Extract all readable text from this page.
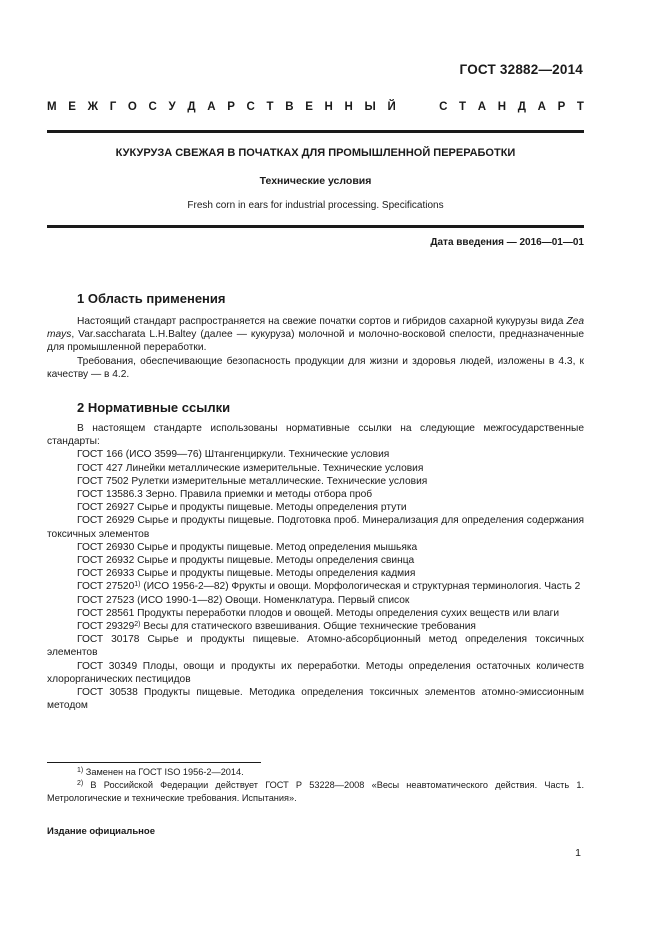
ГОСТ 32882—2014
М Е Ж Г О С У Д А Р С Т В Е Н Н Ы Й	С Т А Н Д А Р Т
КУКУРУЗА СВЕЖАЯ В ПОЧАТКАХ ДЛЯ ПРОМЫШЛЕННОЙ ПЕРЕРАБОТКИ
Технические условия
Fresh corn in ears for industrial processing. Specifications
Дата введения — 2016—01—01
1 Область применения

Настоящий стандарт распространяется на свежие початки сортов и гибридов сахарной кукурузы вида Zea mays, Var.saccharata L.H.Baltey (далее — кукуруза) молочной и молочно-восковой спелости, предназначенные для промышленной переработки.

Требования, обеспечивающие безопасность продукции для жизни и здоровья людей, изложены в 4.3, к качеству — в 4.2.

2 Нормативные ссылки

В настоящем стандарте использованы нормативные ссылки на следующие межгосударственные стандарты:

ГОСТ 166 (ИСО 3599—76) Штангенциркули. Технические условия

ГОСТ 427 Линейки металлические измерительные. Технические условия

ГОСТ 7502 Рулетки измерительные металлические. Технические условия

ГОСТ 13586.3 Зерно. Правила приемки и методы отбора проб

ГОСТ 26927 Сырье и продукты пищевые. Методы определения ртути

ГОСТ 26929 Сырье и продукты пищевые. Подготовка проб. Минерализация для определения содержания токсичных элементов

ГОСТ 26930 Сырье и продукты пищевые. Метод определения мышьяка

ГОСТ 26932 Сырье и продукты пищевые. Методы определения свинца

ГОСТ 26933 Сырье и продукты пищевые. Методы определения кадмия

ГОСТ 27520$^{1)}$ (ИСО 1956-2—82) Фрукты и овощи. Морфологическая и структурная терминология. Часть 2

ГОСТ 27523 (ИСО 1990-1—82) Овощи. Номенклатура. Первый список

ГОСТ 28561 Продукты переработки плодов и овощей. Методы определения сухих веществ или влаги

ГОСТ 29329$^{2)}$ Весы для статического взвешивания. Общие технические требования

ГОСТ 30178 Сырье и продукты пищевые. Атомно-абсорбционный метод определения токсичных элементов

ГОСТ 30349 Плоды, овощи и продукты их переработки. Методы определения остаточных количеств хлорорганических пестицидов

ГОСТ 30538 Продукты пищевые. Методика определения токсичных элементов атомно-эмиссионным методом

$^{1)}$ Заменен на ГОСТ ISO 1956-2—2014.

$^{2)}$ В Российской Федерации действует ГОСТ Р 53228—2008 «Весы неавтоматического действия. Часть 1. Метрологические и технические требования. Испытания».

Издание официальное
1
